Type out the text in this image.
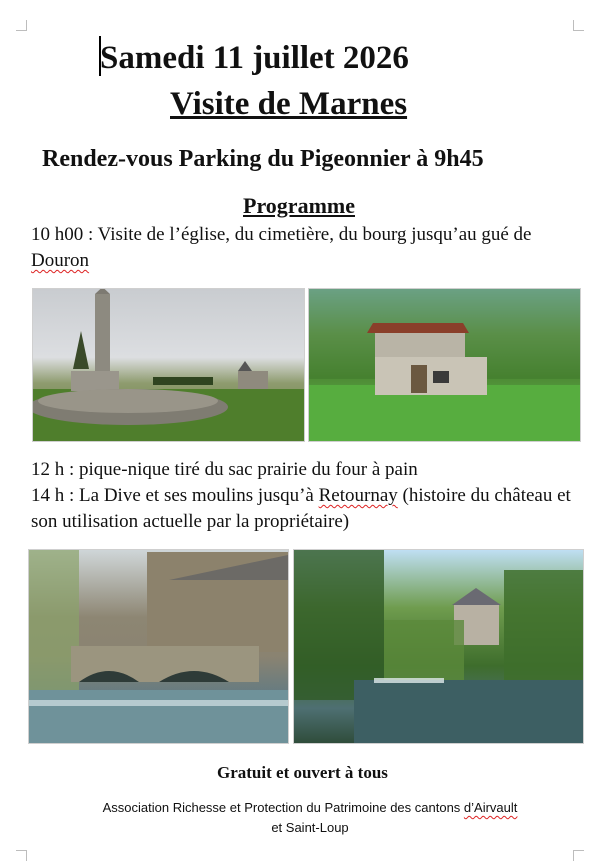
Samedi 11 juillet 2026
Visite de Marnes
Rendez-vous Parking du Pigeonnier à 9h45
Programme
10 h00 : Visite de l’église, du cimetière, du bourg jusqu’au gué de Douron
12 h : pique-nique tiré du sac prairie du four à pain
14 h : La Dive et ses moulins jusqu’à Retournay (histoire du château et son utilisation actuelle par la propriétaire)
Gratuit et ouvert à tous
Association Richesse et Protection du Patrimoine des cantons d’Airvault
et Saint-Loup
